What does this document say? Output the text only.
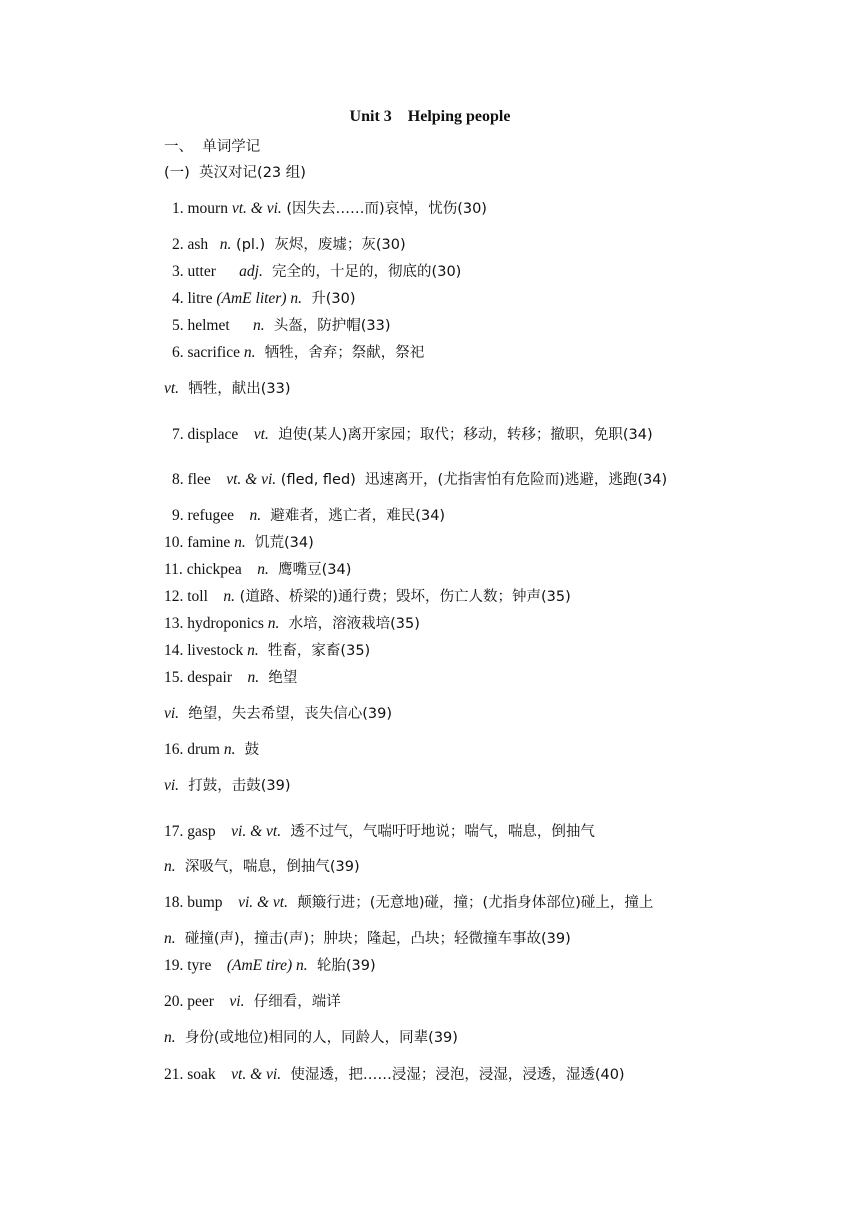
Unit 3    Helping people
一、  单词学记
(一)  英汉对记(23 组)
1. mourn vt. & vi. (因失去……而)哀悼，忧伤(30)
2. ash n. (pl.)  灰烬，废墟；灰(30)
3. utter adj.  完全的，十足的，彻底的(30)
4. litre (AmE liter) n.  升(30)
5. helmet n.  头盔，防护帽(33)
6. sacrifice n.  牺牲，舍弃；祭献，祭祀
vt.  牺牲，献出(33)
7. displace vt.  迫使(某人)离开家园；取代；移动，转移；撤职，免职(34)
8. flee vt. & vi. (fled, fled)  迅速离开，(尤指害怕有危险而)逃避，逃跑(34)
9. refugee n.  避难者，逃亡者，难民(34)
10. famine n.  饥荒(34)
11. chickpea n.  鹰嘴豆(34)
12. toll n. (道路、桥梁的)通行费；毁坏，伤亡人数；钟声(35)
13. hydroponics n.  水培，溶液栽培(35)
14. livestock n.  牲畜，家畜(35)
15. despair n.  绝望
vi.  绝望，失去希望，丧失信心(39)
16. drum n.  鼓
vi.  打鼓，击鼓(39)
17. gasp vi. & vt.  透不过气，气喘吁吁地说；喘气，喘息，倒抽气
n.  深吸气，喘息，倒抽气(39)
18. bump vi. & vt.  颠簸行进；(无意地)碰，撞；(尤指身体部位)碰上，撞上
n.  碰撞(声)，撞击(声)；肿块；隆起，凸块；轻微撞车事故(39)
19. tyre (AmE tire) n.  轮胎(39)
20. peer vi.  仔细看，端详
n.  身份(或地位)相同的人，同龄人，同辈(39)
21. soak vt. & vi.  使湿透，把……浸湿；浸泡，浸湿，浸透，湿透(40)
